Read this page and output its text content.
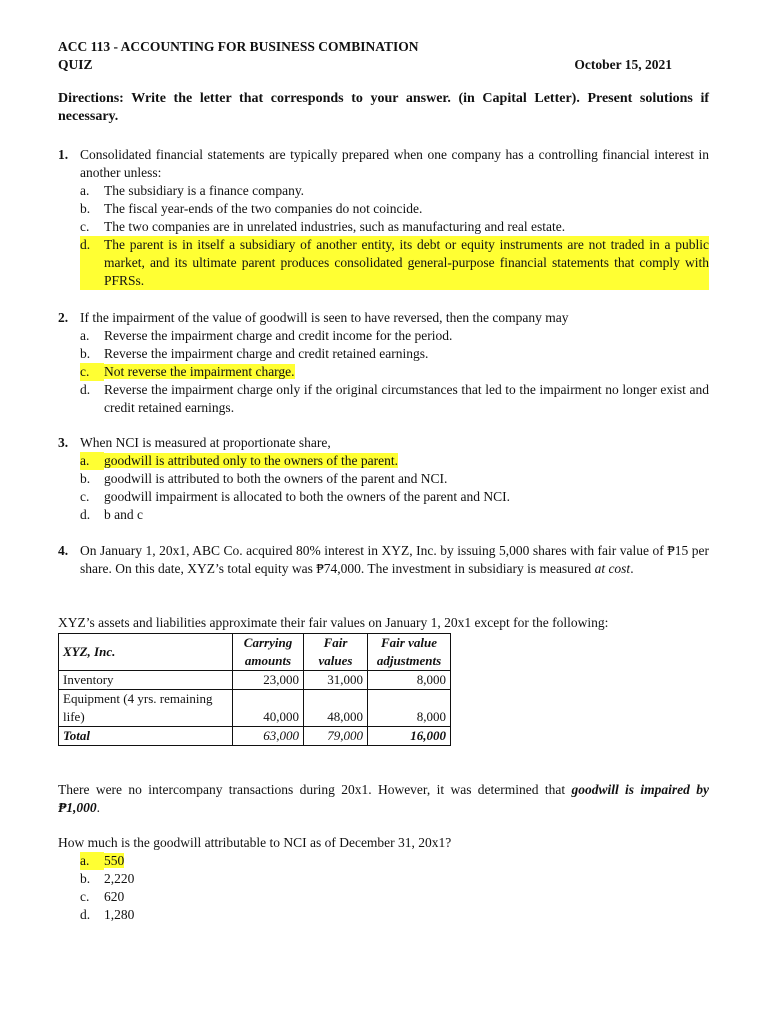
ACC 113 - ACCOUNTING FOR BUSINESS COMBINATION
QUIZ	October 15, 2021
Directions: Write the letter that corresponds to your answer. (in Capital Letter). Present solutions if necessary.
1. Consolidated financial statements are typically prepared when one company has a controlling financial interest in another unless:
a.	The subsidiary is a finance company.
b.	The fiscal year-ends of the two companies do not coincide.
c.	The two companies are in unrelated industries, such as manufacturing and real estate.
d.	The parent is in itself a subsidiary of another entity, its debt or equity instruments are not traded in a public market, and its ultimate parent produces consolidated general-purpose financial statements that comply with PFRSs.
2. If the impairment of the value of goodwill is seen to have reversed, then the company may
a.	Reverse the impairment charge and credit income for the period.
b.	Reverse the impairment charge and credit retained earnings.
c.	Not reverse the impairment charge.
d.	Reverse the impairment charge only if the original circumstances that led to the impairment no longer exist and credit retained earnings.
3. When NCI is measured at proportionate share,
a.	goodwill is attributed only to the owners of the parent.
b.	goodwill is attributed to both the owners of the parent and NCI.
c.	goodwill impairment is allocated to both the owners of the parent and NCI.
d.	b and c
4. On January 1, 20x1, ABC Co. acquired 80% interest in XYZ, Inc. by issuing 5,000 shares with fair value of ₱15 per share. On this date, XYZ’s total equity was ₱74,000. The investment in subsidiary is measured at cost.
XYZ’s assets and liabilities approximate their fair values on January 1, 20x1 except for the following:
XYZ, Inc.	Carrying amounts	Fair values	Fair value adjustments
Inventory	23,000	31,000	8,000
Equipment (4 yrs. remaining life)	40,000	48,000	8,000
Total	63,000	79,000	16,000
There were no intercompany transactions during 20x1. However, it was determined that goodwill is impaired by ₱1,000.
How much is the goodwill attributable to NCI as of December 31, 20x1?
a.	550
b.	2,220
c.	620
d.	1,280
